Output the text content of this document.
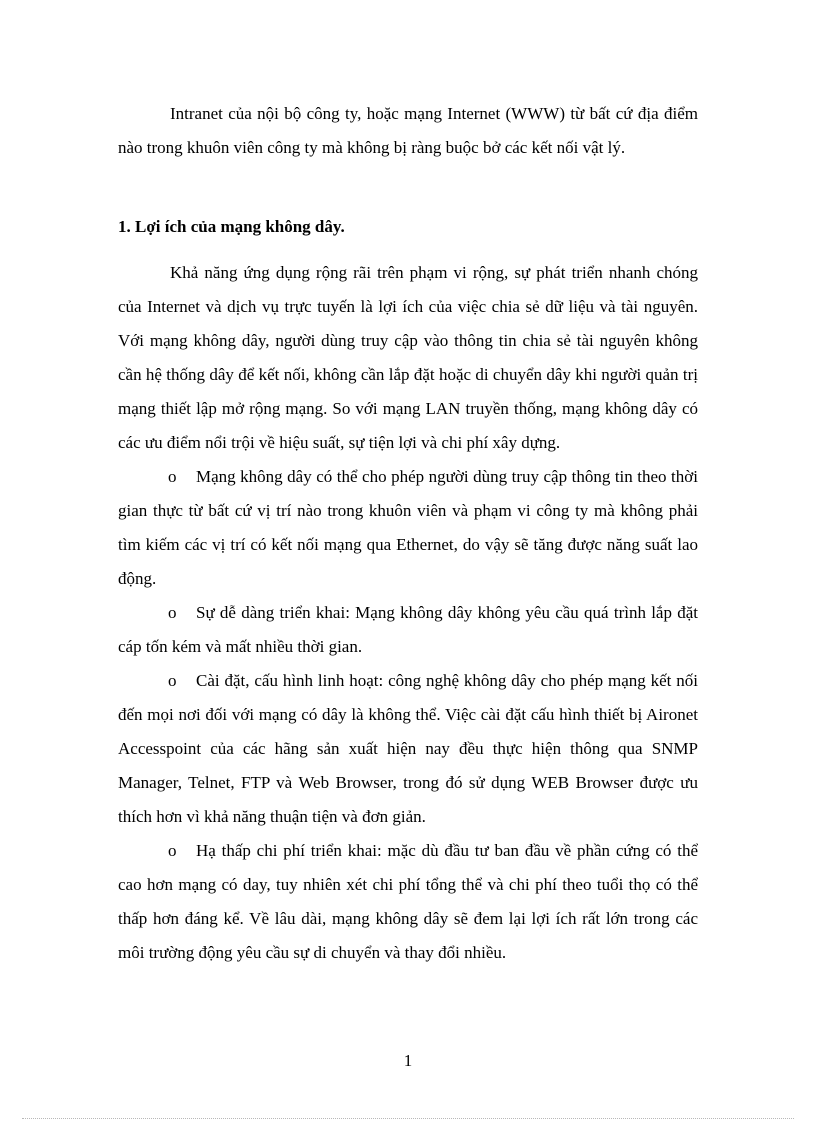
Intranet của nội bộ công ty, hoặc mạng Internet (WWW) từ bất cứ địa điểm nào trong khuôn viên công ty mà không bị ràng buộc bở các kết nối vật lý.

1. Lợi ích của mạng không dây.

Khả năng ứng dụng rộng rãi trên phạm vi rộng, sự phát triển nhanh chóng của Internet và dịch vụ trực tuyến là lợi ích của việc chia sẻ dữ liệu và tài nguyên. Với mạng không dây, người dùng truy cập vào thông tin chia sẻ tài nguyên không cần hệ thống dây để kết nối, không cần lắp đặt hoặc di chuyển dây khi người quản trị mạng thiết lập mở rộng mạng. So với mạng LAN truyền thống, mạng không dây có các ưu điểm nổi trội về hiệu suất, sự tiện lợi và chi phí xây dựng.

o Mạng không dây có thể cho phép người dùng truy cập thông tin theo thời gian thực từ bất cứ vị trí nào trong khuôn viên và phạm vi công ty mà không phải tìm kiếm các vị trí có kết nối mạng qua Ethernet, do vậy sẽ tăng được năng suất lao động.

o Sự dễ dàng triển khai: Mạng không dây không yêu cầu quá trình lắp đặt cáp tốn kém và mất nhiều thời gian.

o Cài đặt, cấu hình linh hoạt: công nghệ không dây cho phép mạng kết nối đến mọi nơi đối với mạng có dây là không thể. Việc cài đặt cấu hình thiết bị Aironet Accesspoint của các hãng sản xuất hiện nay đều thực hiện thông qua SNMP Manager, Telnet, FTP và Web Browser, trong đó sử dụng WEB Browser được ưu thích hơn vì khả năng thuận tiện và đơn giản.

o Hạ thấp chi phí triển khai: mặc dù đầu tư ban đầu về phần cứng có thể cao hơn mạng có day, tuy nhiên xét chi phí tổng thể và chi phí theo tuổi thọ có thể thấp hơn đáng kể. Về lâu dài, mạng không dây sẽ đem lại lợi ích rất lớn trong các môi trường động yêu cầu sự di chuyển và thay đổi nhiều.

1
